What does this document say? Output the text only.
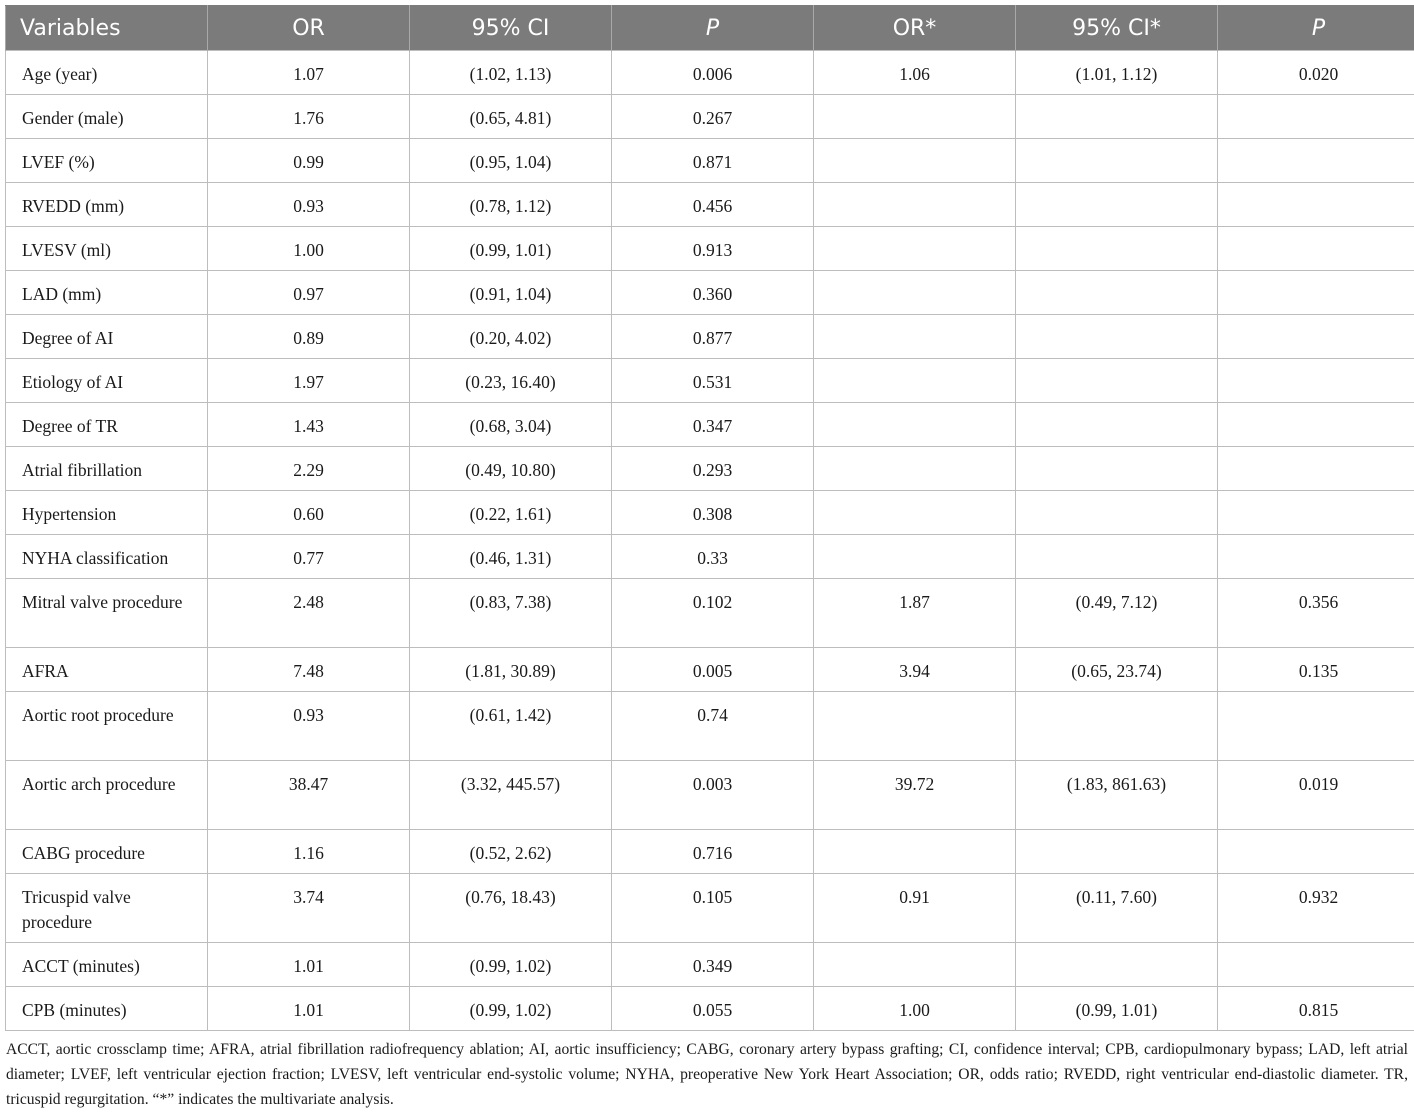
Variables	OR	95% CI	P	OR*	95% CI*	P
Age (year)	1.07	(1.02, 1.13)	0.006	1.06	(1.01, 1.12)	0.020
Gender (male)	1.76	(0.65, 4.81)	0.267			
LVEF (%)	0.99	(0.95, 1.04)	0.871			
RVEDD (mm)	0.93	(0.78, 1.12)	0.456			
LVESV (ml)	1.00	(0.99, 1.01)	0.913			
LAD (mm)	0.97	(0.91, 1.04)	0.360			
Degree of AI	0.89	(0.20, 4.02)	0.877			
Etiology of AI	1.97	(0.23, 16.40)	0.531			
Degree of TR	1.43	(0.68, 3.04)	0.347			
Atrial fibrillation	2.29	(0.49, 10.80)	0.293			
Hypertension	0.60	(0.22, 1.61)	0.308			
NYHA classification	0.77	(0.46, 1.31)	0.33			
Mitral valve procedure	2.48	(0.83, 7.38)	0.102	1.87	(0.49, 7.12)	0.356
AFRA	7.48	(1.81, 30.89)	0.005	3.94	(0.65, 23.74)	0.135
Aortic root procedure	0.93	(0.61, 1.42)	0.74			
Aortic arch procedure	38.47	(3.32, 445.57)	0.003	39.72	(1.83, 861.63)	0.019
CABG procedure	1.16	(0.52, 2.62)	0.716			
Tricuspid valve procedure	3.74	(0.76, 18.43)	0.105	0.91	(0.11, 7.60)	0.932
ACCT (minutes)	1.01	(0.99, 1.02)	0.349			
CPB (minutes)	1.01	(0.99, 1.02)	0.055	1.00	(0.99, 1.01)	0.815
ACCT, aortic crossclamp time; AFRA, atrial fibrillation radiofrequency ablation; AI, aortic insufficiency; CABG, coronary artery bypass grafting; CI, confidence interval; CPB, cardiopulmonary bypass; LAD, left atrial diameter; LVEF, left ventricular ejection fraction; LVESV, left ventricular end-systolic volume; NYHA, preoperative New York Heart Association; OR, odds ratio; RVEDD, right ventricular end-diastolic diameter. TR, tricuspid regurgitation. “*” indicates the multivariate analysis.
